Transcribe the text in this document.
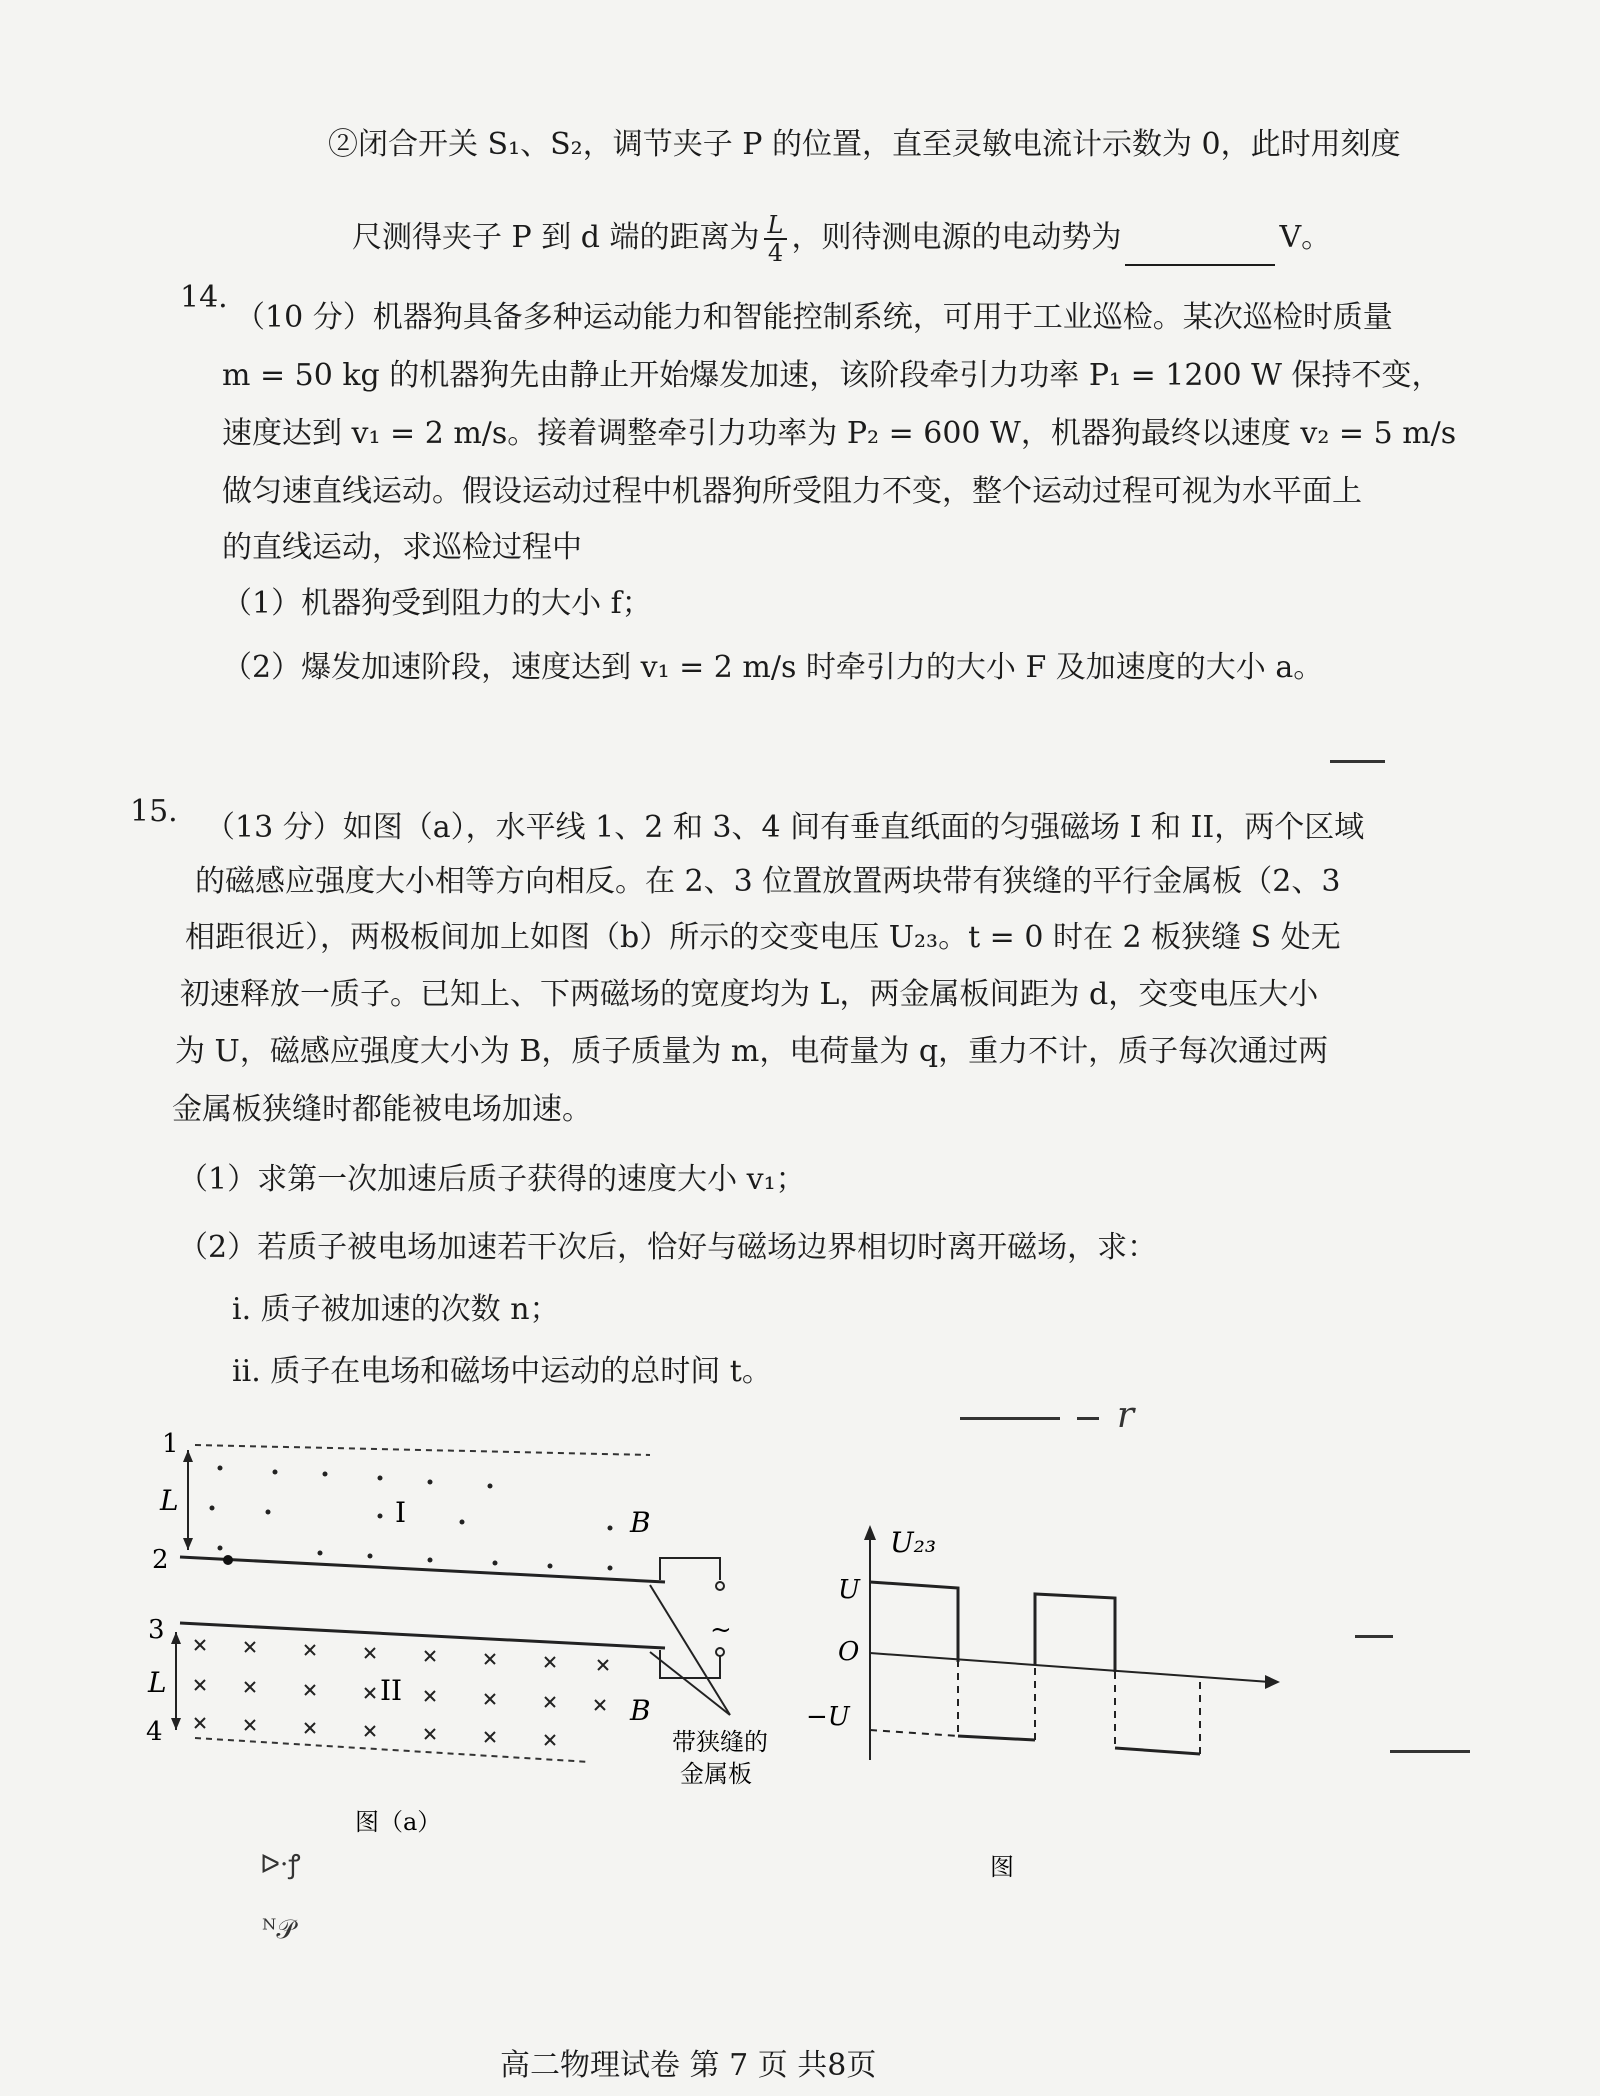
②闭合开关 S₁、S₂，调节夹子 P 的位置，直至灵敏电流计示数为 0，此时用刻度
尺测得夹子 P 到 d 端的距离为 $\frac{L}{4}$ ，则待测电源的电动势为	V。
14.
（10 分）机器狗具备多种运动能力和智能控制系统，可用于工业巡检。某次巡检时质量
m = 50 kg 的机器狗先由静止开始爆发加速，该阶段牵引力功率 P₁ = 1200 W 保持不变，
速度达到 v₁ = 2 m/s。接着调整牵引力功率为 P₂ = 600 W，机器狗最终以速度 v₂ = 5 m/s
做匀速直线运动。假设运动过程中机器狗所受阻力不变，整个运动过程可视为水平面上
的直线运动，求巡检过程中
（1）机器狗受到阻力的大小 f；
（2）爆发加速阶段，速度达到 v₁ = 2 m/s 时牵引力的大小 F 及加速度的大小 a。
15. （13 分）如图（a），水平线 1、2 和 3、4 间有垂直纸面的匀强磁场 I 和 II，两个区域
的磁感应强度大小相等方向相反。在 2、3 位置放置两块带有狭缝的平行金属板（2、3
相距很近），两极板间加上如图（b）所示的交变电压 U₂₃。t = 0 时在 2 板狭缝 S 处无
初速释放一质子。已知上、下两磁场的宽度均为 L，两金属板间距为 d，交变电压大小
为 U，磁感应强度大小为 B，质子质量为 m，电荷量为 q，重力不计，质子每次通过两
金属板狭缝时都能被电场加速。
（1）求第一次加速后质子获得的速度大小 v₁；
（2）若质子被电场加速若干次后，恰好与磁场边界相切时离开磁场，求：
i. 质子被加速的次数 n；
ii. 质子在电场和磁场中运动的总时间 t。
r
1
2
3
4
L
L
I	B
II
B
~
带狭缝的
金属板
图（a）
U₂₃
U
O
−U
图
ᐅ·ꝭ
ᴺ𝒫
高二物理试卷 第 7 页 共8页
